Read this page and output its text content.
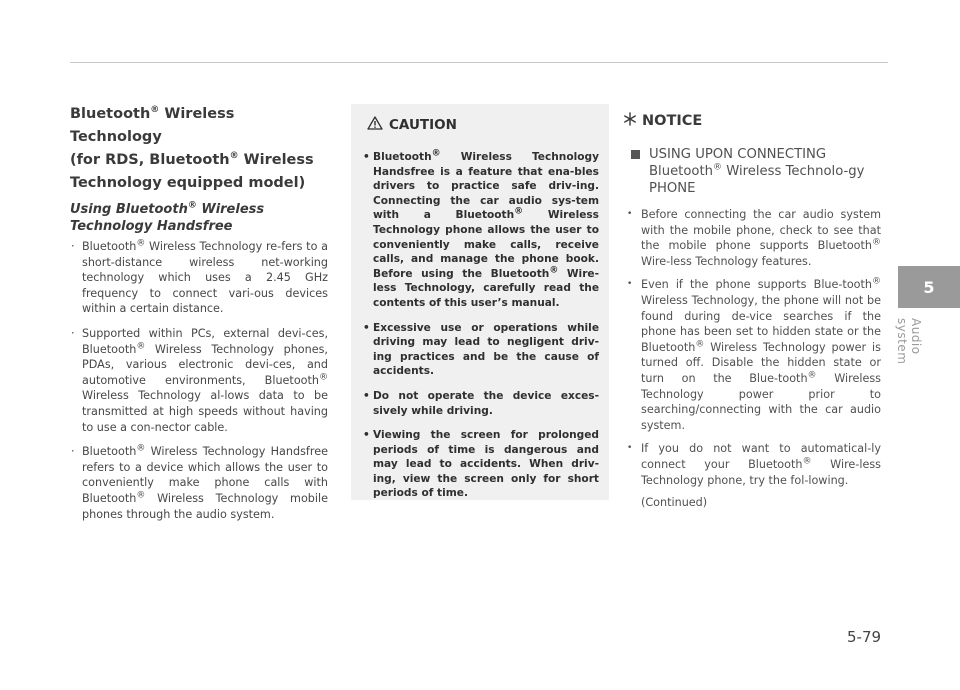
Bluetooth® Wireless Technology
(for RDS, Bluetooth® Wireless
Technology equipped model)
Using Bluetooth® Wireless
Technology Handsfree

· Bluetooth® Wireless Technology re-fers to a short-distance wireless net-working technology which uses a 2.45 GHz frequency to connect vari-ous devices within a certain distance.

· Supported within PCs, external devi-ces, Bluetooth® Wireless Technology phones, PDAs, various electronic devi-ces, and automotive environments, Bluetooth® Wireless Technology al-lows data to be transmitted at high speeds without having to use a con-nector cable.

· Bluetooth® Wireless Technology Handsfree refers to a device which allows the user to conveniently make phone calls with Bluetooth® Wireless Technology mobile phones through the audio system.

CAUTION
• Bluetooth® Wireless Technology Handsfree is a feature that ena-bles drivers to practice safe driv-ing. Connecting the car audio sys-tem with a Bluetooth® Wireless Technology phone allows the user to conveniently make calls, receive calls, and manage the phone book. Before using the Bluetooth® Wire-less Technology, carefully read the contents of this user’s manual.
• Excessive use or operations while driving may lead to negligent driv-ing practices and be the cause of accidents.
• Do not operate the device exces-sively while driving.
• Viewing the screen for prolonged periods of time is dangerous and may lead to accidents. When driv-ing, view the screen only for short periods of time.
NOTICE
USING UPON CONNECTING Bluetooth® Wireless Technolo-gy PHONE
• Before connecting the car audio system with the mobile phone, check to see that the mobile phone supports Bluetooth® Wire-less Technology features.
• Even if the phone supports Blue-tooth® Wireless Technology, the phone will not be found during de-vice searches if the phone has been set to hidden state or the Bluetooth® Wireless Technology power is turned off. Disable the hidden state or turn on the Blue-tooth® Wireless Technology power prior to searching/connecting with the car audio system.
• If you do not want to automatical-ly connect your Bluetooth® Wire-less Technology phone, try the fol-lowing.
(Continued)
5
Audio system
5-79
